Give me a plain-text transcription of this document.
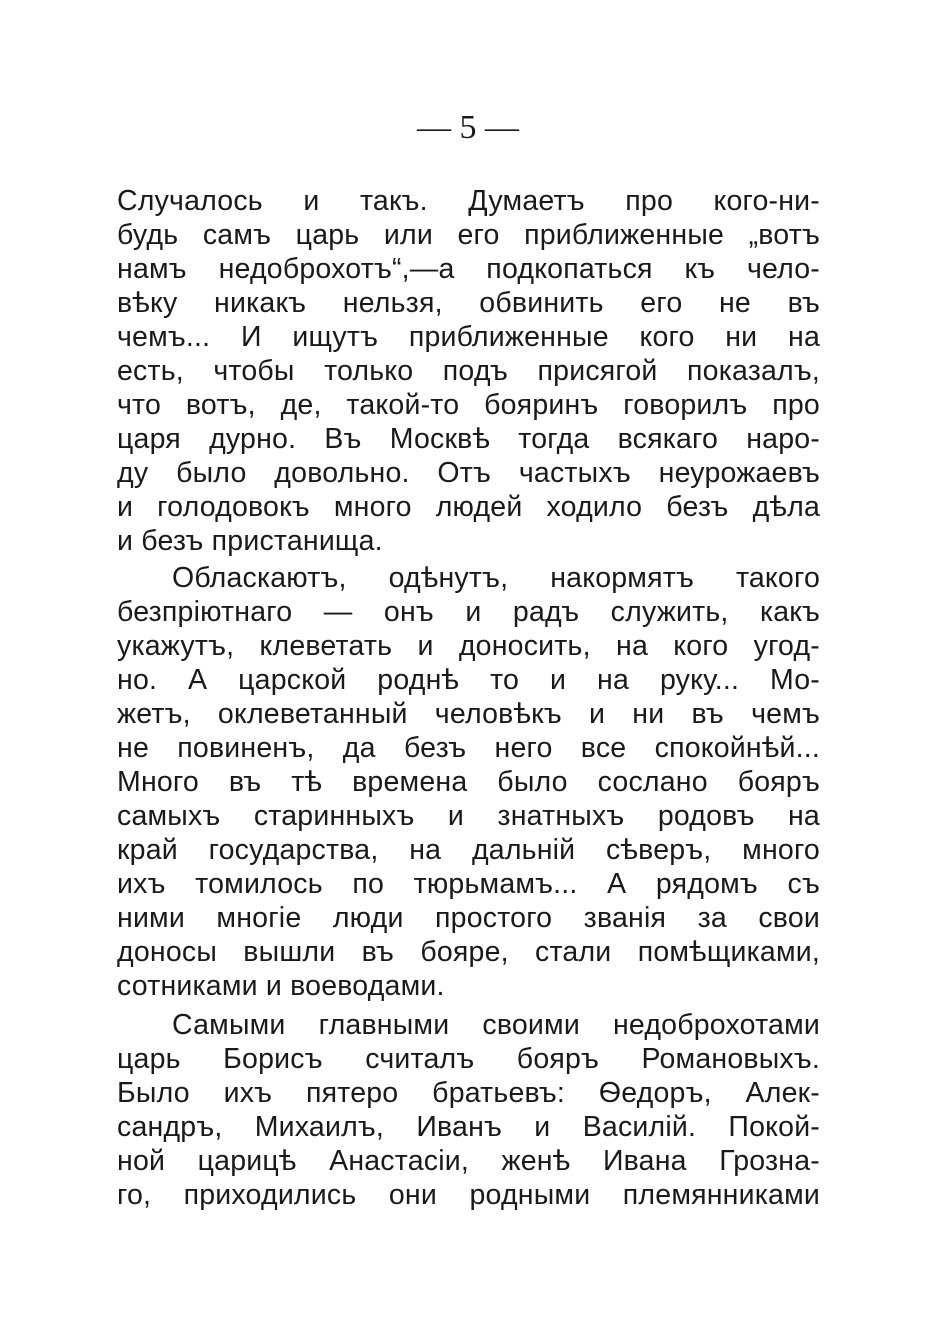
— 5 —
Случалось и такъ. Думаетъ про кого-ни-
будь самъ царь или его приближенные „вотъ
намъ недоброхотъ“,—а подкопаться къ чело-
вѣку никакъ нельзя, обвинить его не въ
чемъ... И ищутъ приближенные кого ни на
есть, чтобы только подъ присягой показалъ,
что вотъ, де, такой-то бояринъ говорилъ про
царя дурно. Въ Москвѣ тогда всякаго наро-
ду было довольно. Отъ частыхъ неурожаевъ
и голодовокъ много людей ходило безъ дѣла
и безъ пристанища.
Обласкаютъ, одѣнутъ, накормятъ такого
безпріютнаго — онъ и радъ служить, какъ
укажутъ, клеветать и доносить, на кого угод-
но. А царской роднѣ то и на руку... Мо-
жетъ, оклеветанный человѣкъ и ни въ чемъ
не повиненъ, да безъ него все спокойнѣй...
Много въ тѣ времена было сослано бояръ
самыхъ старинныхъ и знатныхъ родовъ на
край государства, на дальній сѣверъ, много
ихъ томилось по тюрьмамъ... А рядомъ съ
ними многіе люди простого званія за свои
доносы вышли въ бояре, стали помѣщиками,
сотниками и воеводами.
Самыми главными своими недоброхотами
царь Борисъ считалъ бояръ Романовыхъ.
Было ихъ пятеро братьевъ: Ѳедоръ, Алек-
сандръ, Михаилъ, Иванъ и Василій. Покой-
ной царицѣ Анастасіи, женѣ Ивана Грозна-
го, приходились они родными племянниками
